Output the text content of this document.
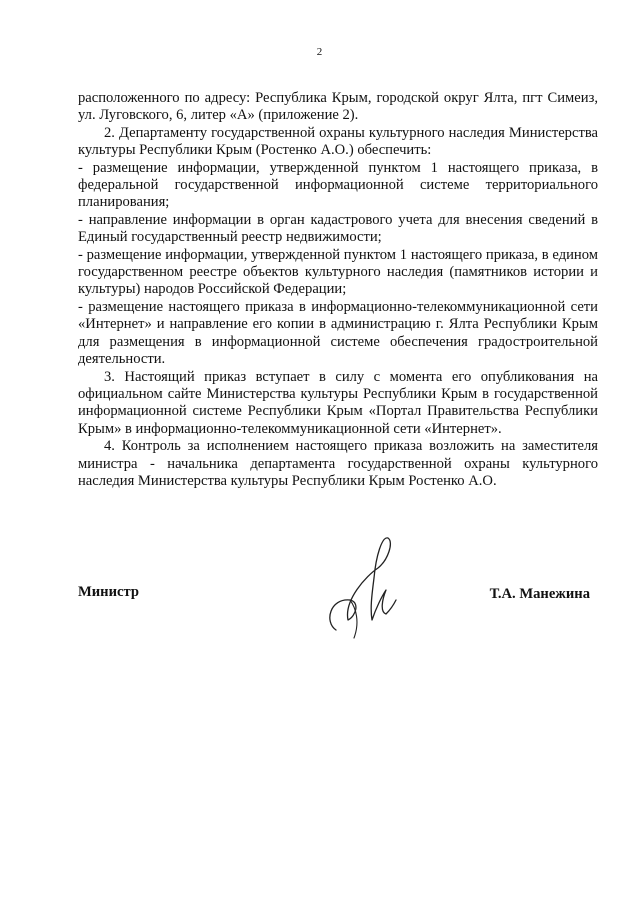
2

расположенного по адресу: Республика Крым, городской округ Ялта, пгт Симеиз, ул. Луговского, 6, литер «А» (приложение 2).

2. Департаменту государственной охраны культурного наследия Министерства культуры Республики Крым (Ростенко А.О.) обеспечить:

- размещение информации, утвержденной пунктом 1 настоящего приказа, в федеральной государственной информационной системе территориального планирования;

- направление информации в орган кадастрового учета для внесения сведений в Единый государственный реестр недвижимости;

- размещение информации, утвержденной пунктом 1 настоящего приказа, в едином государственном реестре объектов культурного наследия (памятников истории и культуры) народов Российской Федерации;

- размещение настоящего приказа в информационно-телекоммуникационной сети «Интернет» и направление его копии в администрацию г. Ялта Республики Крым для размещения в информационной системе обеспечения градостроительной деятельности.

3. Настоящий приказ вступает в силу с момента его опубликования на официальном сайте Министерства культуры Республики Крым в государственной информационной системе Республики Крым «Портал Правительства Республики Крым» в информационно-телекоммуникационной сети «Интернет».

4. Контроль за исполнением настоящего приказа возложить на заместителя министра - начальника департамента государственной охраны культурного наследия Министерства культуры Республики Крым Ростенко А.О.

Министр	Т.А. Манежина
